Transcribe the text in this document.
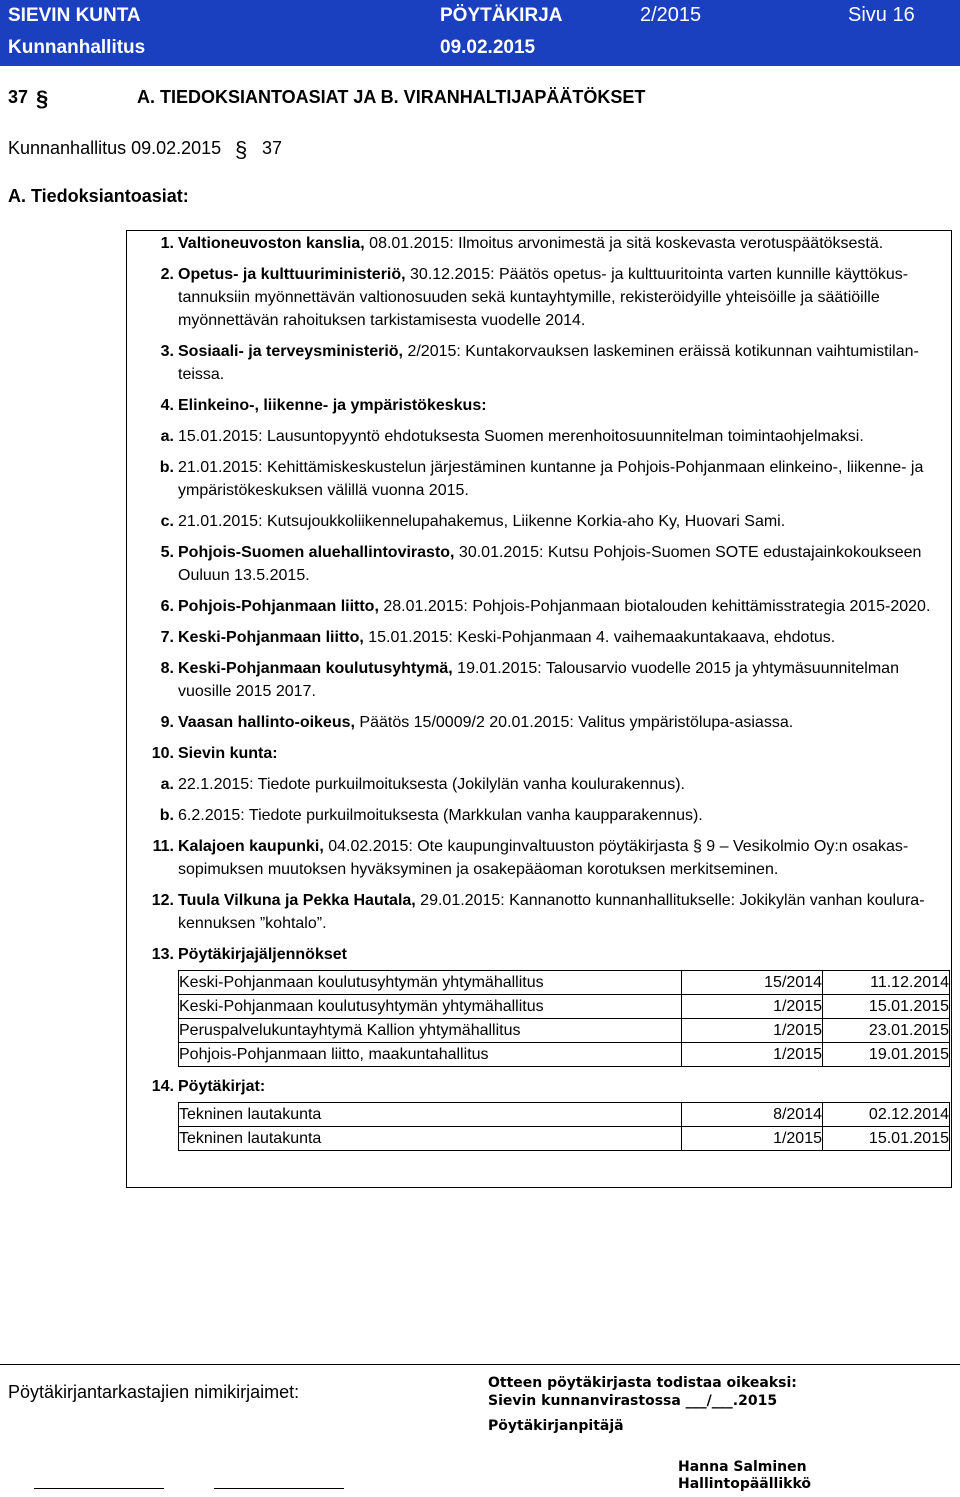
SIEVIN KUNTA	PÖYTÄKIRJA	2/2015	Sivu 16
Kunnanhallitus	09.02.2015
37 §	A. TIEDOKSIANTOASIAT JA B. VIRANHALTIJAPÄÄTÖKSET
Kunnanhallitus 09.02.2015 § 37
A. Tiedoksiantoasiat:
1.	Valtioneuvoston kanslia, 08.01.2015: Ilmoitus arvonimestä ja sitä koskevasta verotuspäätöksestä.

2.	Opetus- ja kulttuuriministeriö, 30.12.2015: Päätös opetus- ja kulttuuritointa varten kunnille käyttökustannuksiin myönnettävän valtionosuuden sekä kuntayhtymille, rekisteröidyille yhteisöille ja säätiöille myönnettävän rahoituksen tarkistamisesta vuodelle 2014.

3.	Sosiaali- ja terveysministeriö, 2/2015: Kuntakorvauksen laskeminen eräissä kotikunnan vaihtumistilanteissa.

4.	Elinkeino-, liikenne- ja ympäristökeskus:

a.	15.01.2015: Lausuntopyyntö ehdotuksesta Suomen merenhoitosuunnitelman toimintaohjelmaksi.

b.	21.01.2015: Kehittämiskeskustelun järjestäminen kuntanne ja Pohjois-Pohjanmaan elinkeino-, liikenne- ja ympäristökeskuksen välillä vuonna 2015.

c.	21.01.2015: Kutsujoukkoliikennelupahakemus, Liikenne Korkia-aho Ky, Huovari Sami.

5.	Pohjois-Suomen aluehallintovirasto, 30.01.2015: Kutsu Pohjois-Suomen SOTE edustajainkokoukseen Ouluun 13.5.2015.

6.	Pohjois-Pohjanmaan liitto, 28.01.2015: Pohjois-Pohjanmaan biotalouden kehittämisstrategia 2015-2020.

7.	Keski-Pohjanmaan liitto, 15.01.2015: Keski-Pohjanmaan 4. vaihemaakuntakaava, ehdotus.

8.	Keski-Pohjanmaan koulutusyhtymä, 19.01.2015: Talousarvio vuodelle 2015 ja yhtymäsuunnitelman vuosille 2015 2017.

9.	Vaasan hallinto-oikeus, Päätös 15/0009/2 20.01.2015: Valitus ympäristölupa-asiassa.

10.	Sievin kunta:

a.	22.1.2015: Tiedote purkuilmoituksesta (Jokilylän vanha koulurakennus).

b.	6.2.2015: Tiedote purkuilmoituksesta (Markkulan vanha kaupparakennus).

11.	Kalajoen kaupunki, 04.02.2015: Ote kaupunginvaltuuston pöytäkirjasta § 9 – Vesikolmio Oy:n osakassopimuksen muutoksen hyväksyminen ja osakepääoman korotuksen merkitseminen.

12.	Tuula Vilkuna ja Pekka Hautala, 29.01.2015: Kannanotto kunnanhallitukselle: Jokikylän vanhan koulurakennuksen ”kohtalo”.

13.	Pöytäkirjajäljennökset

Keski-Pohjanmaan koulutusyhtymän yhtymähallitus	15/2014	11.12.2014
Keski-Pohjanmaan koulutusyhtymän yhtymähallitus	1/2015	15.01.2015
Peruspalvelukuntayhtymä Kallion yhtymähallitus	1/2015	23.01.2015
Pohjois-Pohjanmaan liitto, maakuntahallitus	1/2015	19.01.2015

14.	Pöytäkirjat:

Tekninen lautakunta	8/2014	02.12.2014
Tekninen lautakunta	1/2015	15.01.2015
Pöytäkirjantarkastajien nimikirjaimet:	Otteen pöytäkirjasta todistaa oikeaksi:
Sievin kunnanvirastossa ___/___.2015
Pöytäkirjanpitäjä
Hanna Salminen
Hallintopäällikkö
